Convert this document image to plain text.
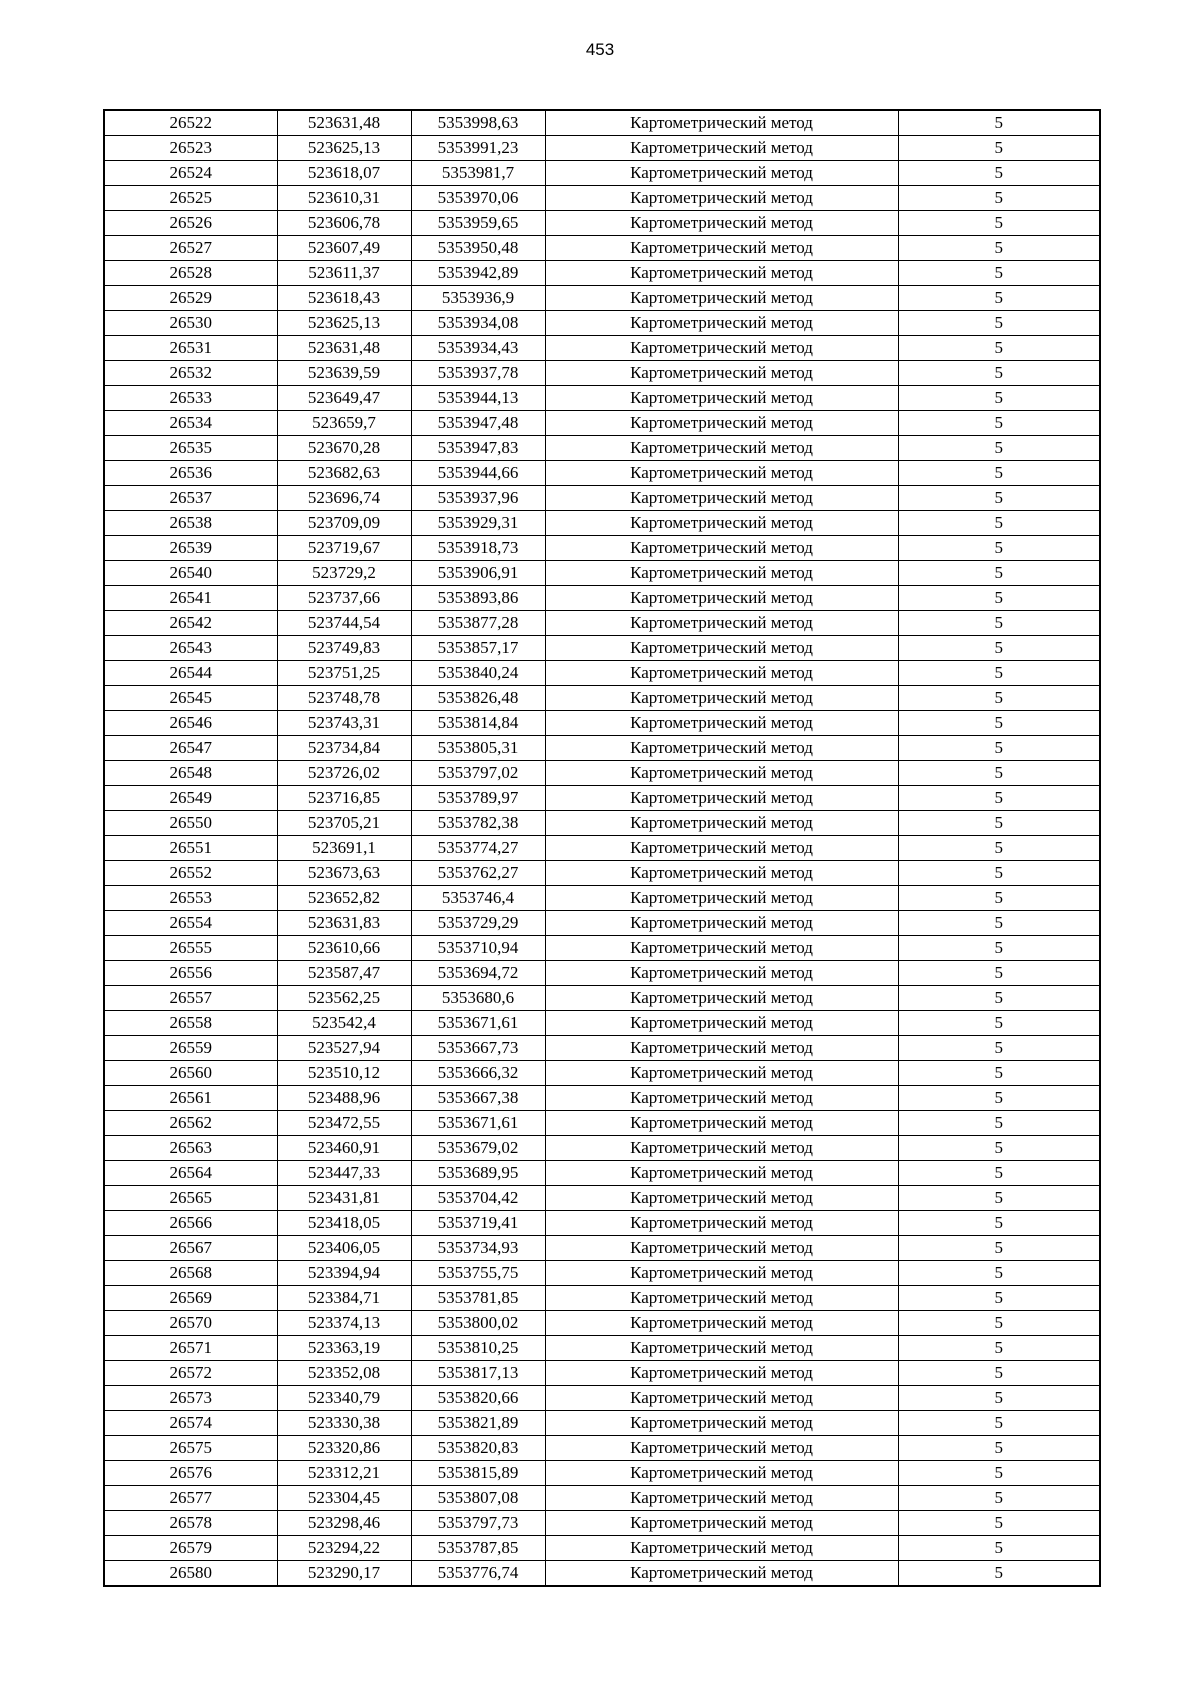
453
26522	523631,48	5353998,63	Картометрический метод	5
26523	523625,13	5353991,23	Картометрический метод	5
26524	523618,07	5353981,7	Картометрический метод	5
26525	523610,31	5353970,06	Картометрический метод	5
26526	523606,78	5353959,65	Картометрический метод	5
26527	523607,49	5353950,48	Картометрический метод	5
26528	523611,37	5353942,89	Картометрический метод	5
26529	523618,43	5353936,9	Картометрический метод	5
26530	523625,13	5353934,08	Картометрический метод	5
26531	523631,48	5353934,43	Картометрический метод	5
26532	523639,59	5353937,78	Картометрический метод	5
26533	523649,47	5353944,13	Картометрический метод	5
26534	523659,7	5353947,48	Картометрический метод	5
26535	523670,28	5353947,83	Картометрический метод	5
26536	523682,63	5353944,66	Картометрический метод	5
26537	523696,74	5353937,96	Картометрический метод	5
26538	523709,09	5353929,31	Картометрический метод	5
26539	523719,67	5353918,73	Картометрический метод	5
26540	523729,2	5353906,91	Картометрический метод	5
26541	523737,66	5353893,86	Картометрический метод	5
26542	523744,54	5353877,28	Картометрический метод	5
26543	523749,83	5353857,17	Картометрический метод	5
26544	523751,25	5353840,24	Картометрический метод	5
26545	523748,78	5353826,48	Картометрический метод	5
26546	523743,31	5353814,84	Картометрический метод	5
26547	523734,84	5353805,31	Картометрический метод	5
26548	523726,02	5353797,02	Картометрический метод	5
26549	523716,85	5353789,97	Картометрический метод	5
26550	523705,21	5353782,38	Картометрический метод	5
26551	523691,1	5353774,27	Картометрический метод	5
26552	523673,63	5353762,27	Картометрический метод	5
26553	523652,82	5353746,4	Картометрический метод	5
26554	523631,83	5353729,29	Картометрический метод	5
26555	523610,66	5353710,94	Картометрический метод	5
26556	523587,47	5353694,72	Картометрический метод	5
26557	523562,25	5353680,6	Картометрический метод	5
26558	523542,4	5353671,61	Картометрический метод	5
26559	523527,94	5353667,73	Картометрический метод	5
26560	523510,12	5353666,32	Картометрический метод	5
26561	523488,96	5353667,38	Картометрический метод	5
26562	523472,55	5353671,61	Картометрический метод	5
26563	523460,91	5353679,02	Картометрический метод	5
26564	523447,33	5353689,95	Картометрический метод	5
26565	523431,81	5353704,42	Картометрический метод	5
26566	523418,05	5353719,41	Картометрический метод	5
26567	523406,05	5353734,93	Картометрический метод	5
26568	523394,94	5353755,75	Картометрический метод	5
26569	523384,71	5353781,85	Картометрический метод	5
26570	523374,13	5353800,02	Картометрический метод	5
26571	523363,19	5353810,25	Картометрический метод	5
26572	523352,08	5353817,13	Картометрический метод	5
26573	523340,79	5353820,66	Картометрический метод	5
26574	523330,38	5353821,89	Картометрический метод	5
26575	523320,86	5353820,83	Картометрический метод	5
26576	523312,21	5353815,89	Картометрический метод	5
26577	523304,45	5353807,08	Картометрический метод	5
26578	523298,46	5353797,73	Картометрический метод	5
26579	523294,22	5353787,85	Картометрический метод	5
26580	523290,17	5353776,74	Картометрический метод	5
